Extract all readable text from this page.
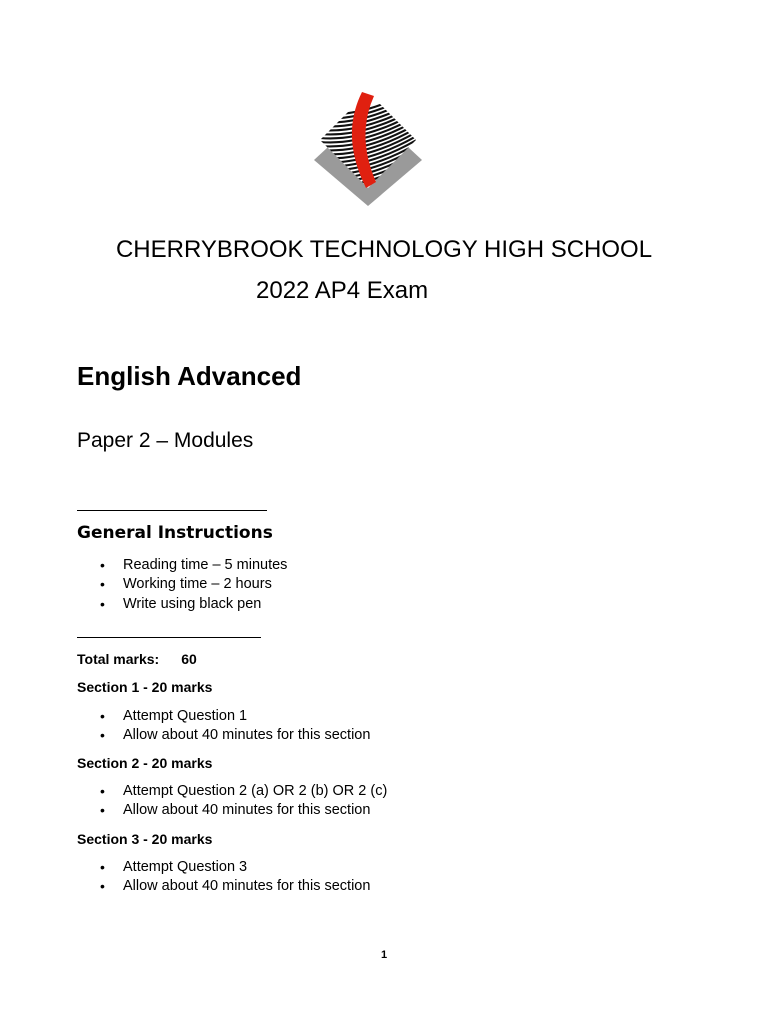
CHERRYBROOK TECHNOLOGY HIGH SCHOOL
2022 AP4 Exam
English Advanced
Paper 2 – Modules
General Instructions
• Reading time – 5 minutes
• Working time – 2 hours
• Write using black pen
Total marks: 60
Section 1 - 20 marks
• Attempt Question 1
• Allow about 40 minutes for this section
Section 2 - 20 marks
• Attempt Question 2 (a) OR 2 (b) OR 2 (c)
• Allow about 40 minutes for this section
Section 3 - 20 marks
• Attempt Question 3
• Allow about 40 minutes for this section
1
